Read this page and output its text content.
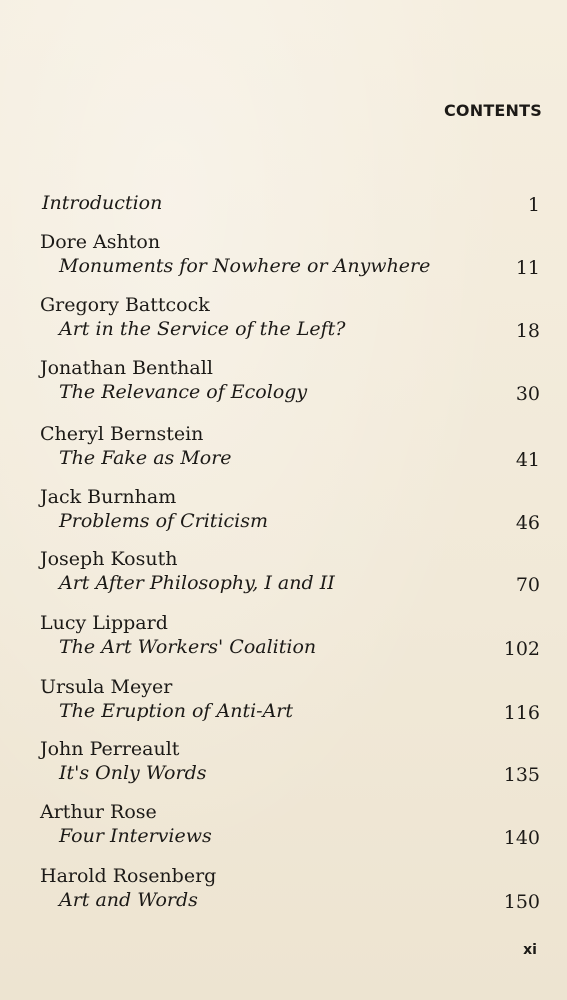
CONTENTS
Introduction	1
Dore Ashton
Monuments for Nowhere or Anywhere	11
Gregory Battcock
Art in the Service of the Left?	18
Jonathan Benthall
The Relevance of Ecology	30
Cheryl Bernstein
The Fake as More	41
Jack Burnham
Problems of Criticism	46
Joseph Kosuth
Art After Philosophy, I and II	70
Lucy Lippard
The Art Workers' Coalition	102
Ursula Meyer
The Eruption of Anti-Art	116
John Perreault
It's Only Words	135
Arthur Rose
Four Interviews	140
Harold Rosenberg
Art and Words	150
xi
